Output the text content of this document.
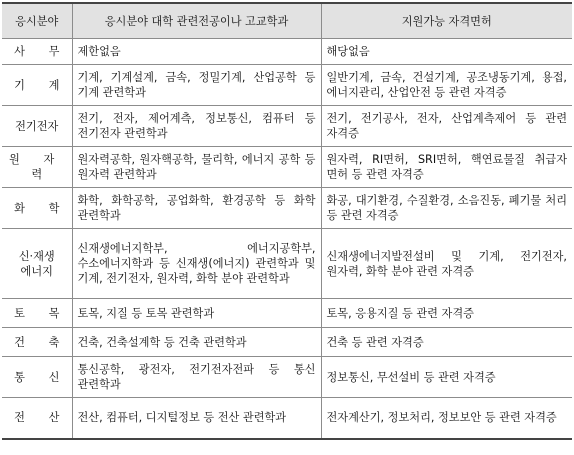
응시분야	응시분야 대학 관련전공이나 고교학과	지원가능 자격면허
사 무	제한없음	해당없음
기 계	기계, 기계설계, 금속, 정밀기계, 산업공학 등 기계 관련학과	일반기계, 금속, 건설기계, 공조냉동기계, 용접, 에너지관리, 산업안전 등 관련 자격증
전기전자	전기, 전자, 제어계측, 정보통신, 컴퓨터 등 전기전자 관련학과	전기, 전기공사, 전자, 산업계측제어 등 관련 자격증
원 자 력	원자력공학, 원자핵공학, 물리학, 에너지 공학 등 원자력 관련학과	원자력, RI면허, SRI면허, 핵연료물질 취급자 면허 등 관련 자격증
화 학	화학, 화학공학, 공업화학, 환경공학 등 화학 관련학과	화공, 대기환경, 수질환경, 소음진동, 폐기물 처리 등 관련 자격증
신·재생 에너지	신재생에너지학부, 에너지공학부, 수소에너지학과 등 신재생(에너지) 관련학과 및 기계, 전기전자, 원자력, 화학 분야 관련학과	신재생에너지발전설비 및 기계, 전기전자, 원자력, 화학 분야 관련 자격증
토 목	토목, 지질 등 토목 관련학과	토목, 응용지질 등 관련 자격증
건 축	건축, 건축설계학 등 건축 관련학과	건축 등 관련 자격증
통 신	통신공학, 광전자, 전기전자전파 등 통신 관련학과	정보통신, 무선설비 등 관련 자격증
전 산	전산, 컴퓨터, 디지털정보 등 전산 관련학과	전자계산기, 정보처리, 정보보안 등 관련 자격증
